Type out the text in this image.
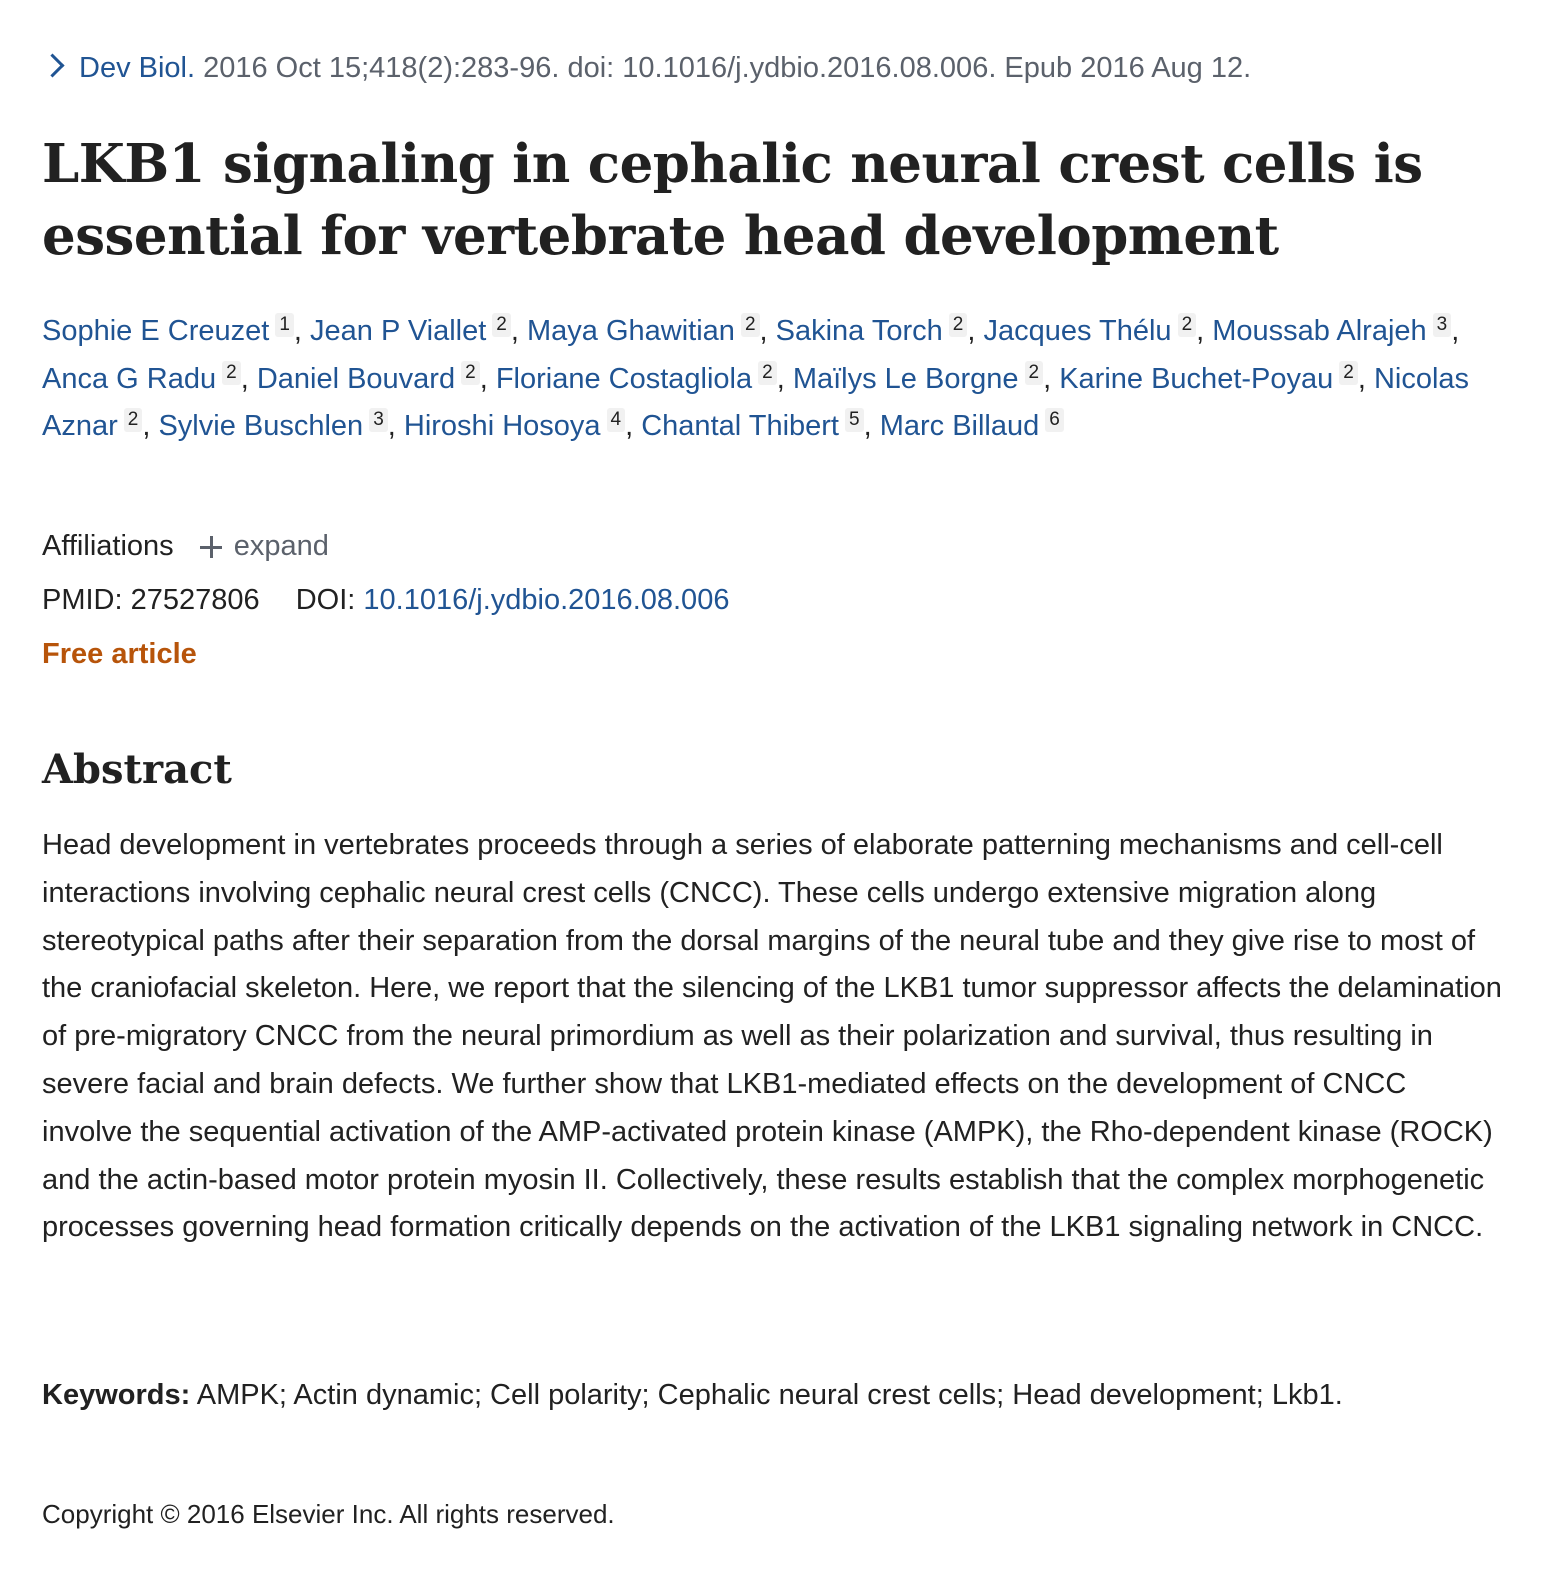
Dev Biol. 2016 Oct 15;418(2):283-96. doi: 10.1016/j.ydbio.2016.08.006. Epub 2016 Aug 12.
LKB1 signaling in cephalic neural crest cells is essential for vertebrate head development
Sophie E Creuzet 1 , Jean P Viallet 2 , Maya Ghawitian 2 , Sakina Torch 2 , Jacques Thélu 2 , Moussab Alrajeh 3 , Anca G Radu 2 , Daniel Bouvard 2 , Floriane Costagliola 2 , Maïlys Le Borgne 2 , Karine Buchet-Poyau 2 , Nicolas Aznar 2 , Sylvie Buschlen 3 , Hiroshi Hosoya 4 , Chantal Thibert 5 , Marc Billaud 6
Affiliations expand
PMID: 27527806 DOI: 10.1016/j.ydbio.2016.08.006
Free article
Abstract

Head development in vertebrates proceeds through a series of elaborate patterning mechanisms and cell-cell interactions involving cephalic neural crest cells (CNCC). These cells undergo extensive migration along stereotypical paths after their separation from the dorsal margins of the neural tube and they give rise to most of the craniofacial skeleton. Here, we report that the silencing of the LKB1 tumor suppressor affects the delamination of pre-migratory CNCC from the neural primordium as well as their polarization and survival, thus resulting in severe facial and brain defects. We further show that LKB1-mediated effects on the development of CNCC involve the sequential activation of the AMP-activated protein kinase (AMPK), the Rho-dependent kinase (ROCK) and the actin-based motor protein myosin II. Collectively, these results establish that the complex morphogenetic processes governing head formation critically depends on the activation of the LKB1 signaling network in CNCC.

Keywords: AMPK; Actin dynamic; Cell polarity; Cephalic neural crest cells; Head development; Lkb1.

Copyright © 2016 Elsevier Inc. All rights reserved.
